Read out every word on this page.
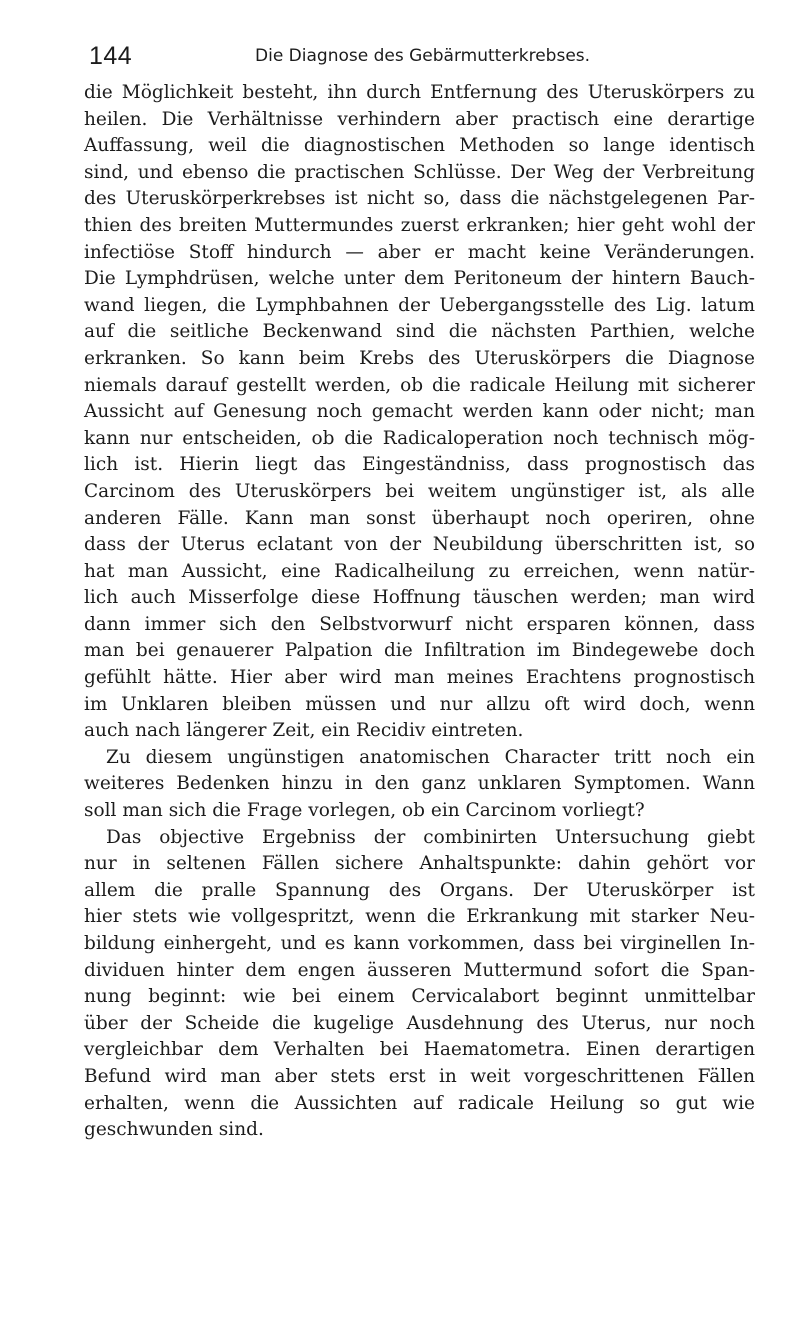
144	Die Diagnose des Gebärmutterkrebses.
die Möglichkeit besteht, ihn durch Entfernung des Uteruskörpers zu
heilen. Die Verhältnisse verhindern aber practisch eine derartige
Auffassung, weil die diagnostischen Methoden so lange identisch
sind, und ebenso die practischen Schlüsse. Der Weg der Verbreitung
des Uteruskörperkrebses ist nicht so, dass die nächstgelegenen Par-
thien des breiten Muttermundes zuerst erkranken; hier geht wohl der
infectiöse Stoff hindurch — aber er macht keine Veränderungen.
Die Lymphdrüsen, welche unter dem Peritoneum der hintern Bauch-
wand liegen, die Lymphbahnen der Uebergangsstelle des Lig. latum
auf die seitliche Beckenwand sind die nächsten Parthien, welche
erkranken. So kann beim Krebs des Uteruskörpers die Diagnose
niemals darauf gestellt werden, ob die radicale Heilung mit sicherer
Aussicht auf Genesung noch gemacht werden kann oder nicht; man
kann nur entscheiden, ob die Radicaloperation noch technisch mög-
lich ist. Hierin liegt das Eingeständniss, dass prognostisch das
Carcinom des Uteruskörpers bei weitem ungünstiger ist, als alle
anderen Fälle. Kann man sonst überhaupt noch operiren, ohne
dass der Uterus eclatant von der Neubildung überschritten ist, so
hat man Aussicht, eine Radicalheilung zu erreichen, wenn natür-
lich auch Misserfolge diese Hoffnung täuschen werden; man wird
dann immer sich den Selbstvorwurf nicht ersparen können, dass
man bei genauerer Palpation die Infiltration im Bindegewebe doch
gefühlt hätte. Hier aber wird man meines Erachtens prognostisch
im Unklaren bleiben müssen und nur allzu oft wird doch, wenn
auch nach längerer Zeit, ein Recidiv eintreten.
Zu diesem ungünstigen anatomischen Character tritt noch ein
weiteres Bedenken hinzu in den ganz unklaren Symptomen. Wann
soll man sich die Frage vorlegen, ob ein Carcinom vorliegt?
Das objective Ergebniss der combinirten Untersuchung giebt
nur in seltenen Fällen sichere Anhaltspunkte: dahin gehört vor
allem die pralle Spannung des Organs. Der Uteruskörper ist
hier stets wie vollgespritzt, wenn die Erkrankung mit starker Neu-
bildung einhergeht, und es kann vorkommen, dass bei virginellen In-
dividuen hinter dem engen äusseren Muttermund sofort die Span-
nung beginnt: wie bei einem Cervicalabort beginnt unmittelbar
über der Scheide die kugelige Ausdehnung des Uterus, nur noch
vergleichbar dem Verhalten bei Haematometra. Einen derartigen
Befund wird man aber stets erst in weit vorgeschrittenen Fällen
erhalten, wenn die Aussichten auf radicale Heilung so gut wie
geschwunden sind.
